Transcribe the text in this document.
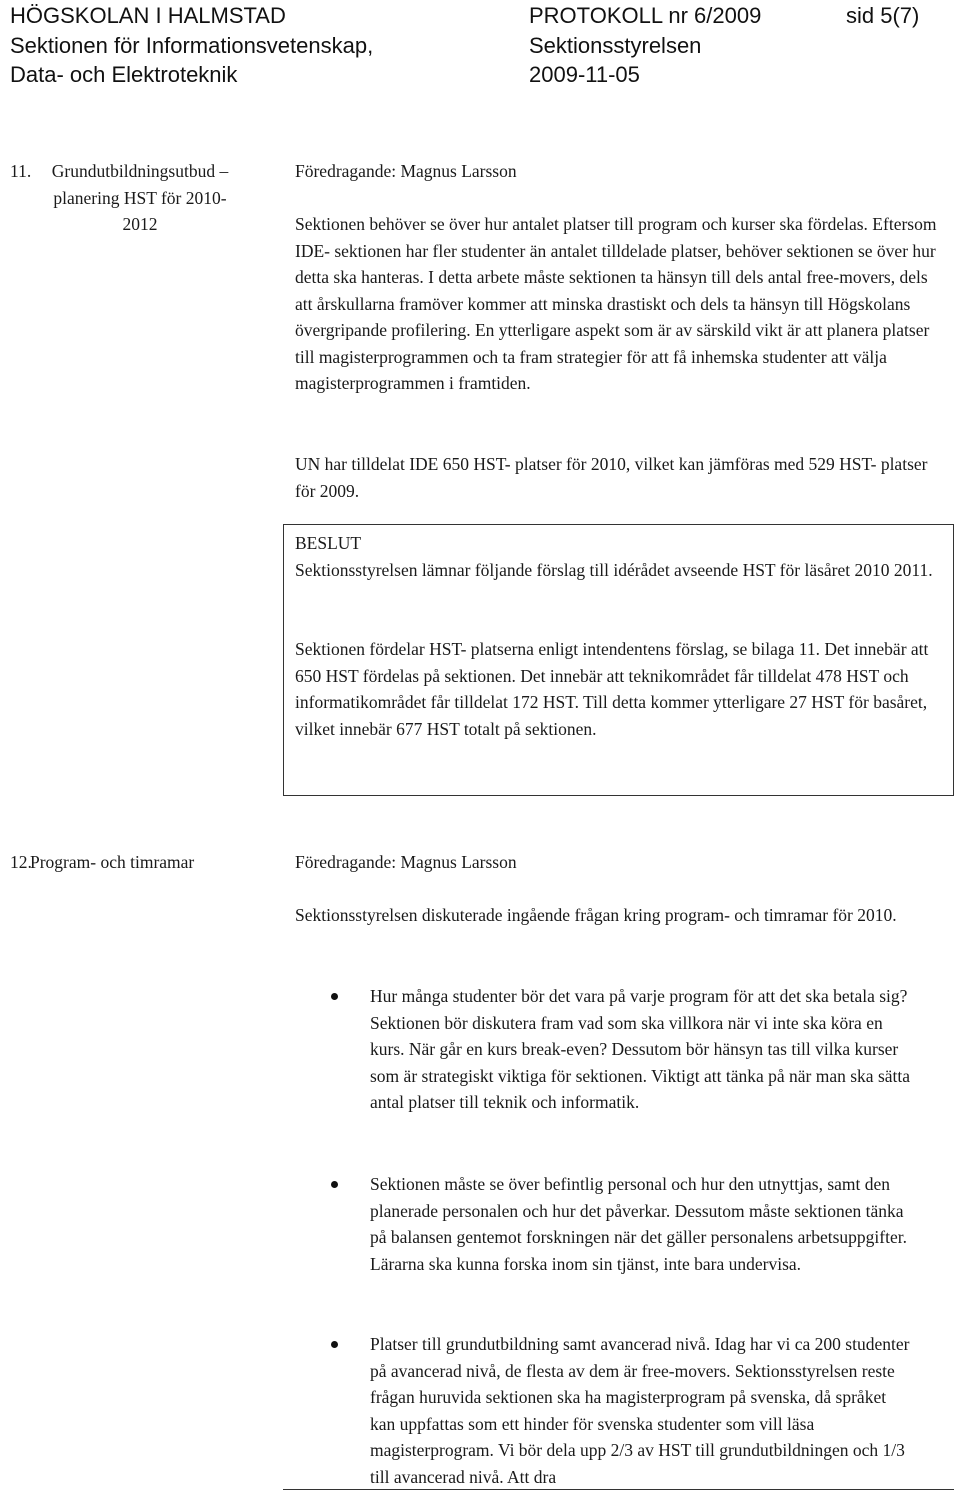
HÖGSKOLAN I HALMSTAD
Sektionen för Informationsvetenskap,
Data- och Elektroteknik
PROTOKOLL nr 6/2009
Sektionsstyrelsen
2009-11-05
sid 5(7)
11.	Grundutbildningsutbud –
planering HST för 2010-
2012
Föredragande: Magnus Larsson
Sektionen behöver se över hur antalet platser till program och kurser ska fördelas. Eftersom IDE- sektionen har fler studenter än antalet tilldelade platser, behöver sektionen se över hur detta ska hanteras. I detta arbete måste sektionen ta hänsyn till dels antal free-movers, dels att årskullarna framöver kommer att minska drastiskt och dels ta hänsyn till Högskolans övergripande profilering. En ytterligare aspekt som är av särskild vikt är att planera platser till magisterprogrammen och ta fram strategier för att få inhemska studenter att välja magisterprogrammen i framtiden.
UN har tilldelat IDE 650 HST- platser för 2010, vilket kan jämföras med 529 HST- platser för 2009.
BESLUT
Sektionsstyrelsen lämnar följande förslag till idérådet avseende HST för läsåret 2010 2011.
Sektionen fördelar HST- platserna enligt intendentens förslag, se bilaga 11. Det innebär att 650 HST fördelas på sektionen. Det innebär att teknikområdet får tilldelat 478 HST och informatikområdet får tilldelat 172 HST. Till detta kommer ytterligare 27 HST för basåret, vilket innebär 677 HST totalt på sektionen.
12.
Program- och timramar	Föredragande: Magnus Larsson
Sektionsstyrelsen diskuterade ingående frågan kring program- och timramar för 2010.
Hur många studenter bör det vara på varje program för att det ska betala sig? Sektionen bör diskutera fram vad som ska villkora när vi inte ska köra en kurs. När går en kurs break-even? Dessutom bör hänsyn tas till vilka kurser som är strategiskt viktiga för sektionen. Viktigt att tänka på när man ska sätta antal platser till teknik och informatik.
Sektionen måste se över befintlig personal och hur den utnyttjas, samt den planerade personalen och hur det påverkar. Dessutom måste sektionen tänka på balansen gentemot forskningen när det gäller personalens arbetsuppgifter. Lärarna ska kunna forska inom sin tjänst, inte bara undervisa.
Platser till grundutbildning samt avancerad nivå. Idag har vi ca 200 studenter på avancerad nivå, de flesta av dem är free-movers. Sektionsstyrelsen reste frågan huruvida sektionen ska ha magisterprogram på svenska, då språket kan uppfattas som ett hinder för svenska studenter som vill läsa magisterprogram. Vi bör dela upp 2/3 av HST till grundutbildningen och 1/3 till avancerad nivå. Att dra
